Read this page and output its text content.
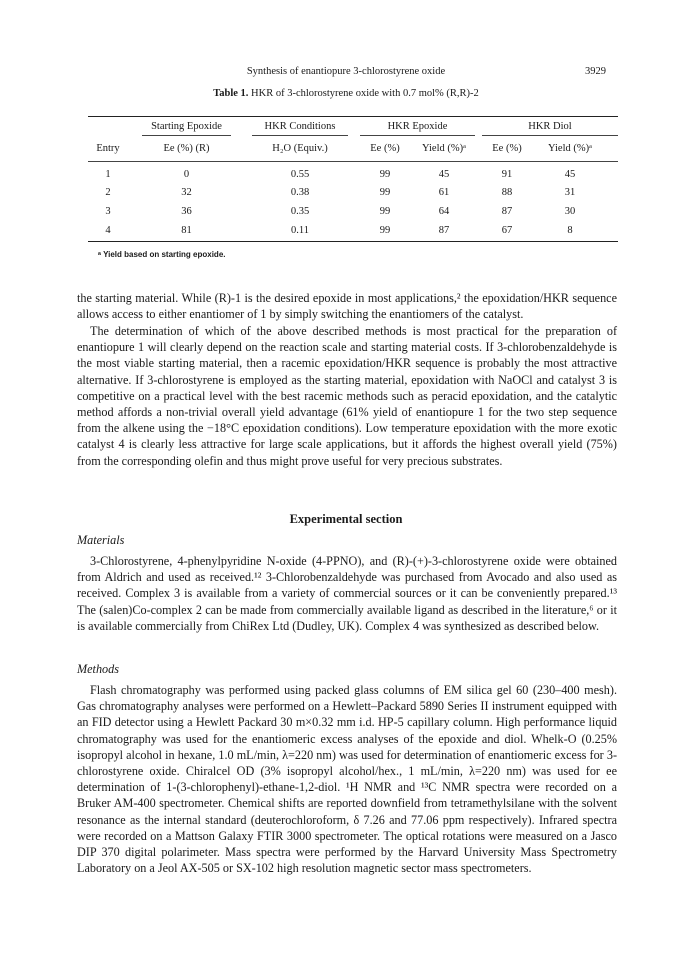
Synthesis of enantiopure 3-chlorostyrene oxide	3929
Table 1. HKR of 3-chlorostyrene oxide with 0.7 mol% (R,R)-2
Starting Epoxide	HKR Conditions	HKR Epoxide	HKR Diol
Entry	Ee (%) (R)	H₂O (Equiv.)	Ee (%)	Yield (%)ᵃ	Ee (%)	Yield (%)ᵃ
1	0	0.55	99	45	91	45
2	32	0.38	99	61	88	31
3	36	0.35	99	64	87	30
4	81	0.11	99	87	67	8
ᵃ Yield based on starting epoxide.

the starting material. While (R)-1 is the desired epoxide in most applications,² the epoxidation/HKR sequence allows access to either enantiomer of 1 by simply switching the enantiomers of the catalyst.

The determination of which of the above described methods is most practical for the preparation of enantiopure 1 will clearly depend on the reaction scale and starting material costs. If 3-chlorobenzaldehyde is the most viable starting material, then a racemic epoxidation/HKR sequence is probably the most attractive alternative. If 3-chlorostyrene is employed as the starting material, epoxidation with NaOCl and catalyst 3 is competitive on a practical level with the best racemic methods such as peracid epoxidation, and the catalytic method affords a non-trivial overall yield advantage (61% yield of enantiopure 1 for the two step sequence from the alkene using the −18°C epoxidation conditions). Low temperature epoxidation with the more exotic catalyst 4 is clearly less attractive for large scale applications, but it affords the highest overall yield (75%) from the corresponding olefin and thus might prove useful for very precious substrates.

Experimental section
Materials

3-Chlorostyrene, 4-phenylpyridine N-oxide (4-PPNO), and (R)-(+)-3-chlorostyrene oxide were obtained from Aldrich and used as received.¹² 3-Chlorobenzaldehyde was purchased from Avocado and also used as received. Complex 3 is available from a variety of commercial sources or it can be conveniently prepared.¹³ The (salen)Co-complex 2 can be made from commercially available ligand as described in the literature,⁶ or it is available commercially from ChiRex Ltd (Dudley, UK). Complex 4 was synthesized as described below.

Methods

Flash chromatography was performed using packed glass columns of EM silica gel 60 (230–400 mesh). Gas chromatography analyses were performed on a Hewlett–Packard 5890 Series II instrument equipped with an FID detector using a Hewlett Packard 30 m×0.32 mm i.d. HP-5 capillary column. High performance liquid chromatography was used for the enantiomeric excess analyses of the epoxide and diol. Whelk-O (0.25% isopropyl alcohol in hexane, 1.0 mL/min, λ=220 nm) was used for determination of enantiomeric excess for 3-chlorostyrene oxide. Chiralcel OD (3% isopropyl alcohol/hex., 1 mL/min, λ=220 nm) was used for ee determination of 1-(3-chlorophenyl)-ethane-1,2-diol. ¹H NMR and ¹³C NMR spectra were recorded on a Bruker AM-400 spectrometer. Chemical shifts are reported downfield from tetramethylsilane with the solvent resonance as the internal standard (deuterochloroform, δ 7.26 and 77.06 ppm respectively). Infrared spectra were recorded on a Mattson Galaxy FTIR 3000 spectrometer. The optical rotations were measured on a Jasco DIP 370 digital polarimeter. Mass spectra were performed by the Harvard University Mass Spectrometry Laboratory on a Jeol AX-505 or SX-102 high resolution magnetic sector mass spectrometers.
